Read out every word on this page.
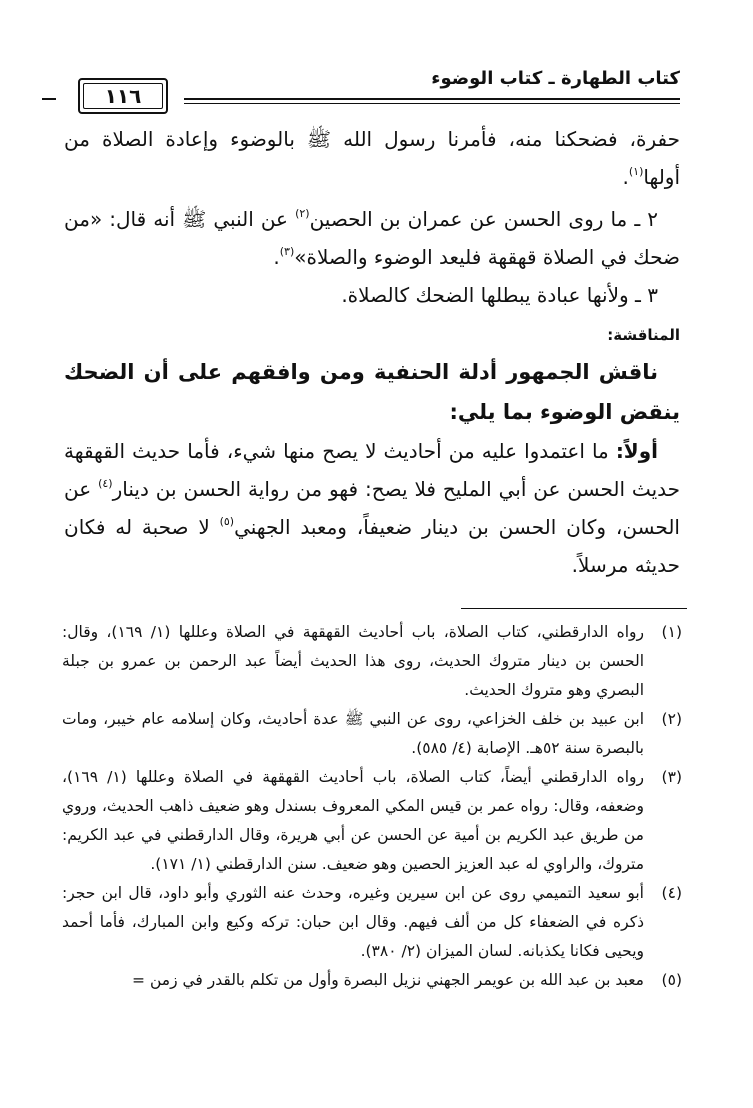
كتاب الطهارة ـ كتاب الوضوء
١١٦

حفرة، فضحكنا منه، فأمرنا رسول الله ﷺ بالوضوء وإعادة الصلاة من أولها$^{(١)}$.

٢ ـ ما روى الحسن عن عمران بن الحصين$^{(٢)}$ عن النبي ﷺ أنه قال: «من ضحك في الصلاة قهقهة فليعد الوضوء والصلاة»$^{(٣)}$.

٣ ـ ولأنها عبادة يبطلها الضحك كالصلاة.

المناقشة:

ناقش الجمهور أدلة الحنفية ومن وافقهم على أن الضحك ينقض الوضوء بما يلي:

أولاً: ما اعتمدوا عليه من أحاديث لا يصح منها شيء، فأما حديث القهقهة حديث الحسن عن أبي المليح فلا يصح: فهو من رواية الحسن بن دينار$^{(٤)}$ عن الحسن، وكان الحسن بن دينار ضعيفاً، ومعبد الجهني$^{(٥)}$ لا صحبة له فكان حديثه مرسلاً.

(١)
رواه الدارقطني، كتاب الصلاة، باب أحاديث القهقهة في الصلاة وعللها (١/ ١٦٩)، وقال: الحسن بن دينار متروك الحديث، روى هذا الحديث أيضاً عبد الرحمن بن عمرو بن جبلة البصري وهو متروك الحديث.
(٢)
ابن عبيد بن خلف الخزاعي، روى عن النبي ﷺ عدة أحاديث، وكان إسلامه عام خيبر، ومات بالبصرة سنة ٥٢هـ. الإصابة (٤/ ٥٨٥).
(٣)
رواه الدارقطني أيضاً، كتاب الصلاة، باب أحاديث القهقهة في الصلاة وعللها (١/ ١٦٩)، وضعفه، وقال: رواه عمر بن قيس المكي المعروف بسندل وهو ضعيف ذاهب الحديث، وروي من طريق عبد الكريم بن أمية عن الحسن عن أبي هريرة، وقال الدارقطني في عبد الكريم: متروك، والراوي له عبد العزيز الحصين وهو ضعيف. سنن الدارقطني (١/ ١٧١).
(٤)
أبو سعيد التميمي روى عن ابن سيرين وغيره، وحدث عنه الثوري وأبو داود، قال ابن حجر: ذكره في الضعفاء كل من ألف فيهم. وقال ابن حبان: تركه وكيع وابن المبارك، فأما أحمد ويحيى فكانا يكذبانه. لسان الميزان (٢/ ٣٨٠).
(٥)
معبد بن عبد الله بن عويمر الجهني نزيل البصرة وأول من تكلم بالقدر في زمن =
